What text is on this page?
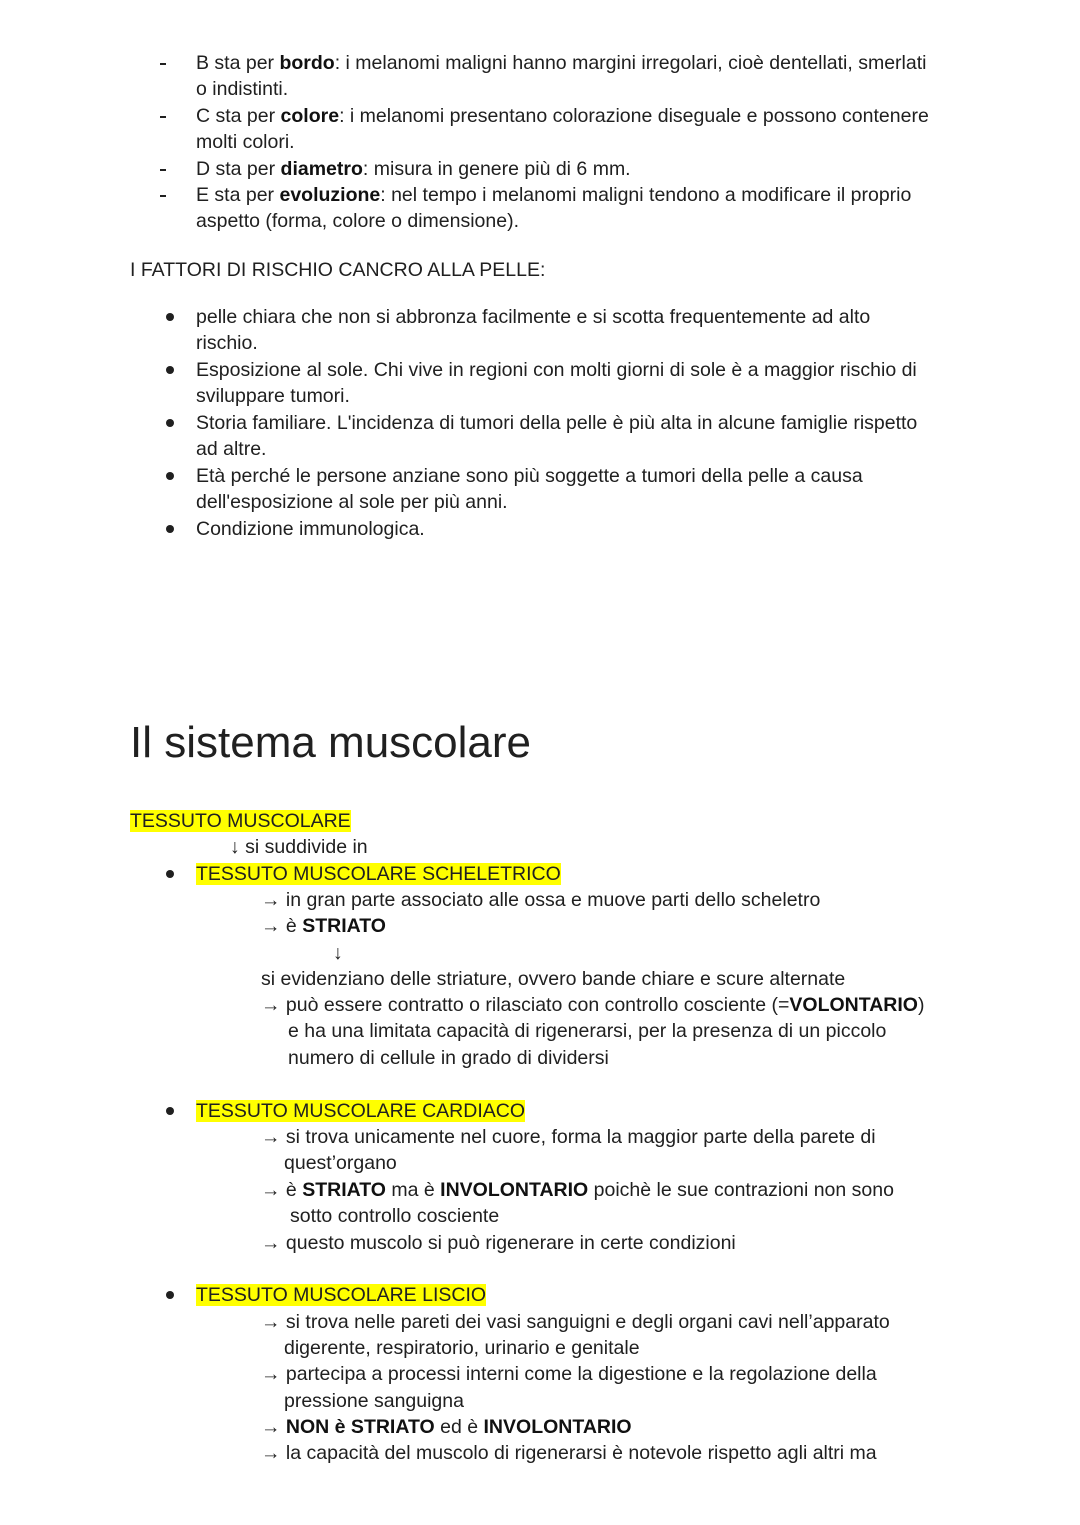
B sta per bordo: i melanomi maligni hanno margini irregolari, cioè dentellati, smerlati
o indistinti.
C sta per colore: i melanomi presentano colorazione diseguale e possono contenere
molti colori.
D sta per diametro: misura in genere più di 6 mm.
E sta per evoluzione: nel tempo i melanomi maligni tendono a modificare il proprio
aspetto (forma, colore o dimensione).
I FATTORI DI RISCHIO CANCRO ALLA PELLE:
pelle chiara che non si abbronza facilmente e si scotta frequentemente ad alto
rischio.
Esposizione al sole. Chi vive in regioni con molti giorni di sole è a maggior rischio di
sviluppare tumori.
Storia familiare. L'incidenza di tumori della pelle è più alta in alcune famiglie rispetto
ad altre.
Età perché le persone anziane sono più soggette a tumori della pelle a causa
dell'esposizione al sole per più anni.
Condizione immunologica.
Il sistema muscolare
TESSUTO MUSCOLARE
↓ si suddivide in
TESSUTO MUSCOLARE SCHELETRICO
→ in gran parte associato alle ossa e muove parti dello scheletro
→ è STRIATO
↓
si evidenziano delle striature, ovvero bande chiare e scure alternate
→ può essere contratto o rilasciato con controllo cosciente (=VOLONTARIO)
e ha una limitata capacità di rigenerarsi, per la presenza di un piccolo
numero di cellule in grado di dividersi
TESSUTO MUSCOLARE CARDIACO
→ si trova unicamente nel cuore, forma la maggior parte della parete di
quest’organo
→ è STRIATO ma è INVOLONTARIO poichè le sue contrazioni non sono
sotto controllo cosciente
→ questo muscolo si può rigenerare in certe condizioni
TESSUTO MUSCOLARE LISCIO
→ si trova nelle pareti dei vasi sanguigni e degli organi cavi nell’apparato
digerente, respiratorio, urinario e genitale
→ partecipa a processi interni come la digestione e la regolazione della
pressione sanguigna
→ NON è STRIATO ed è INVOLONTARIO
→ la capacità del muscolo di rigenerarsi è notevole rispetto agli altri ma
